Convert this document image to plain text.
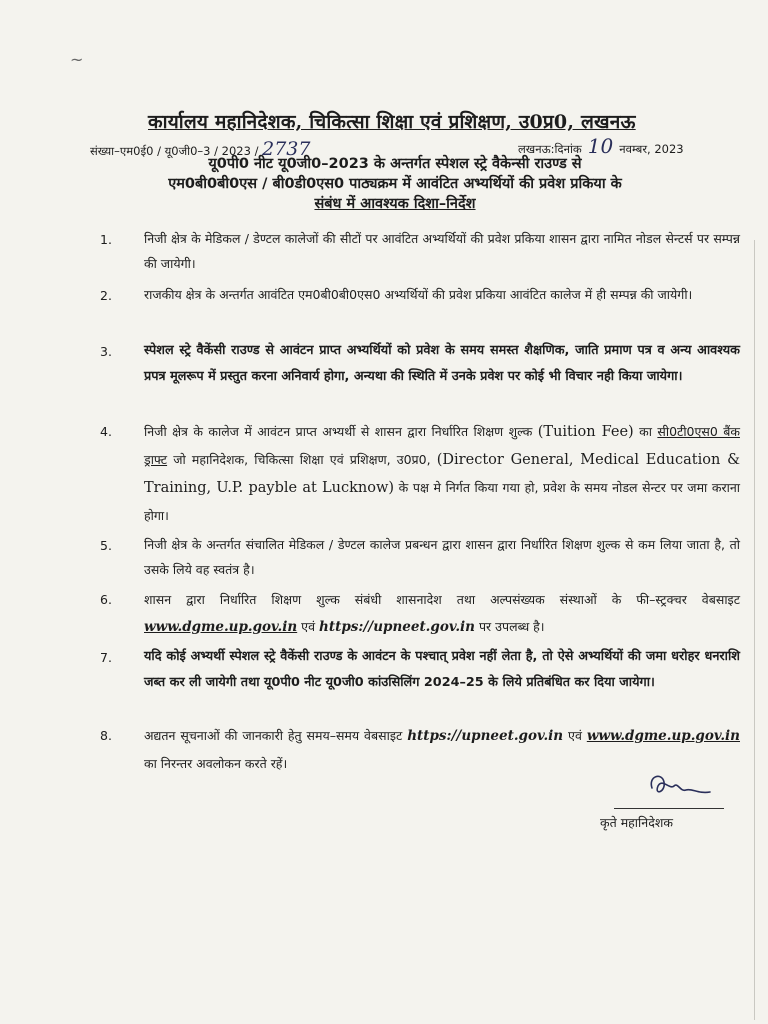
~
कार्यालय महानिदेशक, चिकित्सा शिक्षा एवं प्रशिक्षण, उ0प्र0, लखनऊ
संख्या–एम0ई0 / यू0जी0–3 / 2023 / 2737	लखनऊ:दिनांक 10 नवम्बर, 2023
यू0पी0 नीट यू0जी0–2023 के अन्तर्गत स्पेशल स्ट्रे वैकेन्सी राउण्ड से
एम0बी0बी0एस / बी0डी0एस0 पाठ्यक्रम में आवंटित अभ्यर्थियों की प्रवेश प्रकिया के
संबंध में आवश्यक दिशा–निर्देश
1.	निजी क्षेत्र के मेडिकल / डेण्टल कालेजों की सीटों पर आवंटित अभ्यर्थियों की प्रवेश प्रकिया शासन द्वारा नामित नोडल सेन्टर्स पर सम्पन्न की जायेगी।
2.	राजकीय क्षेत्र के अन्तर्गत आवंटित एम0बी0बी0एस0 अभ्यर्थियों की प्रवेश प्रकिया आवंटित कालेज में ही सम्पन्न की जायेगी।
3.	स्पेशल स्ट्रे वैकेंसी राउण्ड से आवंटन प्राप्त अभ्यर्थियों को प्रवेश के समय समस्त शैक्षणिक, जाति प्रमाण पत्र व अन्य आवश्यक प्रपत्र मूलरूप में प्रस्तुत करना अनिवार्य होगा, अन्यथा की स्थिति में उनके प्रवेश पर कोई भी विचार नही किया जायेगा।
4.	निजी क्षेत्र के कालेज में आवंटन प्राप्त अभ्यर्थी से शासन द्वारा निर्धारित शिक्षण शुल्क (Tuition Fee) का सी0टी0एस0 बैंक ड्राफ्ट जो महानिदेशक, चिकित्सा शिक्षा एवं प्रशिक्षण, उ0प्र0, (Director General, Medical Education & Training, U.P. payble at Lucknow) के पक्ष मे निर्गत किया गया हो, प्रवेश के समय नोडल सेन्टर पर जमा कराना होगा।
5.	निजी क्षेत्र के अन्तर्गत संचालित मेडिकल / डेण्टल कालेज प्रबन्धन द्वारा शासन द्वारा निर्धारित शिक्षण शुल्क से कम लिया जाता है, तो उसके लिये वह स्वतंत्र है।
6.	शासन द्वारा निर्धारित शिक्षण शुल्क संबंधी शासनादेश तथा अल्पसंख्यक संस्थाओं के फी–स्ट्रक्चर वेबसाइट www.dgme.up.gov.in एवं https://upneet.gov.in पर उपलब्ध है।
7.	यदि कोई अभ्यर्थी स्पेशल स्ट्रे वैकेंसी राउण्ड के आवंटन के पश्चात् प्रवेश नहीं लेता है, तो ऐसे अभ्यर्थियों की जमा धरोहर धनराशि जब्त कर ली जायेगी तथा यू0पी0 नीट यू0जी0 कांउसिलिंग 2024–25 के लिये प्रतिबंधित कर दिया जायेगा।
8.	अद्यतन सूचनाओं की जानकारी हेतु समय–समय वेबसाइट https://upneet.gov.in एवं www.dgme.up.gov.in का निरन्तर अवलोकन करते रहें।
कृते महानिदेशक
